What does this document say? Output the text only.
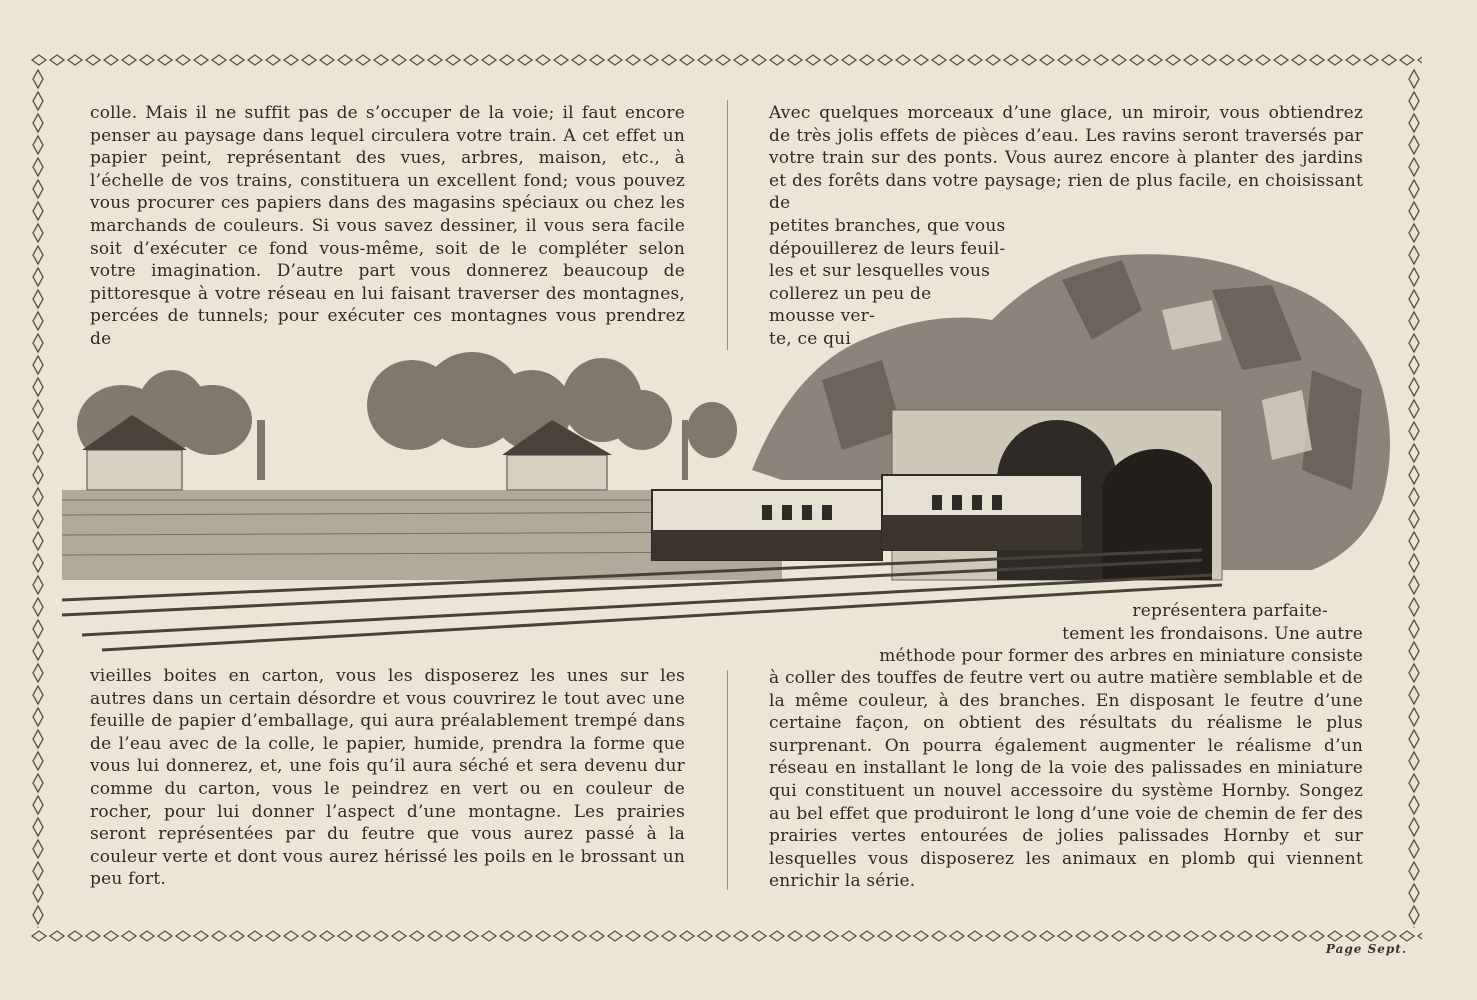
colle. Mais il ne suffit pas de s’occuper de la voie; il faut encore penser au paysage dans lequel circulera votre train. A cet effet un papier peint, représentant des vues, arbres, maison, etc., à l’échelle de vos trains, constituera un excellent fond; vous pouvez vous procurer ces papiers dans des magasins spéciaux ou chez les marchands de couleurs. Si vous savez dessiner, il vous sera facile soit d’exécuter ce fond vous-même, soit de le compléter selon votre imagination. D’autre part vous donnerez beaucoup de pittoresque à votre réseau en lui faisant traverser des montagnes, percées de tunnels; pour exécuter ces montagnes vous prendrez de

Avec quelques morceaux d’une glace, un miroir, vous obtiendrez de très jolis effets de pièces d’eau. Les ravins seront traversés par votre train sur des ponts. Vous aurez encore à planter des jardins et des forêts dans votre paysage; rien de plus facile, en choisissant de

petites branches, que vous
dépouillerez de leurs feuil-
les et sur lesquelles vous
collerez un peu de
mousse ver-
te, ce qui
représentera parfaite-
tement les frondaisons. Une autre
méthode pour former des arbres en miniature consiste

vieilles boites en carton, vous les disposerez les unes sur les autres dans un certain désordre et vous couvrirez le tout avec une feuille de papier d’emballage, qui aura préalablement trempé dans de l’eau avec de la colle, le papier, humide, prendra la forme que vous lui donnerez, et, une fois qu’il aura séché et sera devenu dur comme du carton, vous le peindrez en vert ou en couleur de rocher, pour lui donner l’aspect d’une montagne. Les prairies seront représentées par du feutre que vous aurez passé à la couleur verte et dont vous aurez hérissé les poils en le brossant un peu fort.

à coller des touffes de feutre vert ou autre matière semblable et de la même couleur, à des branches. En disposant le feutre d’une certaine façon, on obtient des résultats du réalisme le plus surprenant. On pourra également augmenter le réalisme d’un réseau en installant le long de la voie des palissades en miniature qui constituent un nouvel accessoire du système Hornby. Songez au bel effet que produiront le long d’une voie de chemin de fer des prairies vertes entourées de jolies palissades Hornby et sur lesquelles vous disposerez les animaux en plomb qui viennent enrichir la série.

Page Sept.
